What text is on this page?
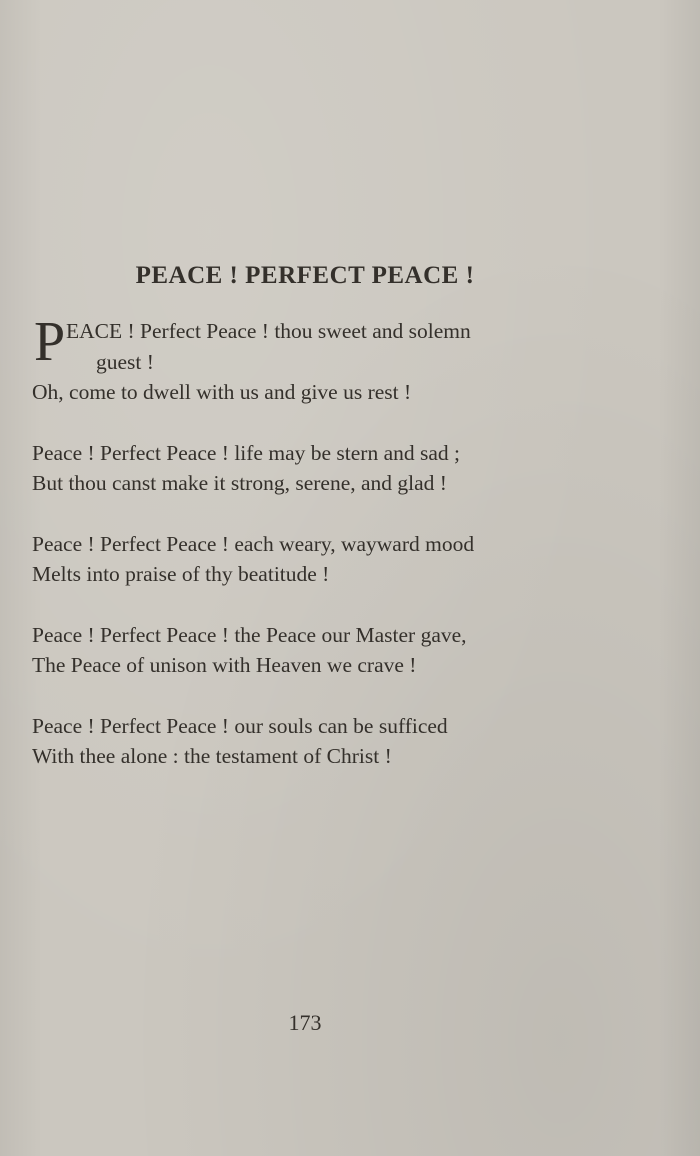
PEACE ! PERFECT PEACE !
P EACE ! Perfect Peace ! thou sweet and solemn
guest !
Oh, come to dwell with us and give us rest !
Peace ! Perfect Peace ! life may be stern and sad ;
But thou canst make it strong, serene, and glad !
Peace ! Perfect Peace ! each weary, wayward mood
Melts into praise of thy beatitude !
Peace ! Perfect Peace ! the Peace our Master gave,
The Peace of unison with Heaven we crave !
Peace ! Perfect Peace ! our souls can be sufficed
With thee alone : the testament of Christ !
173
